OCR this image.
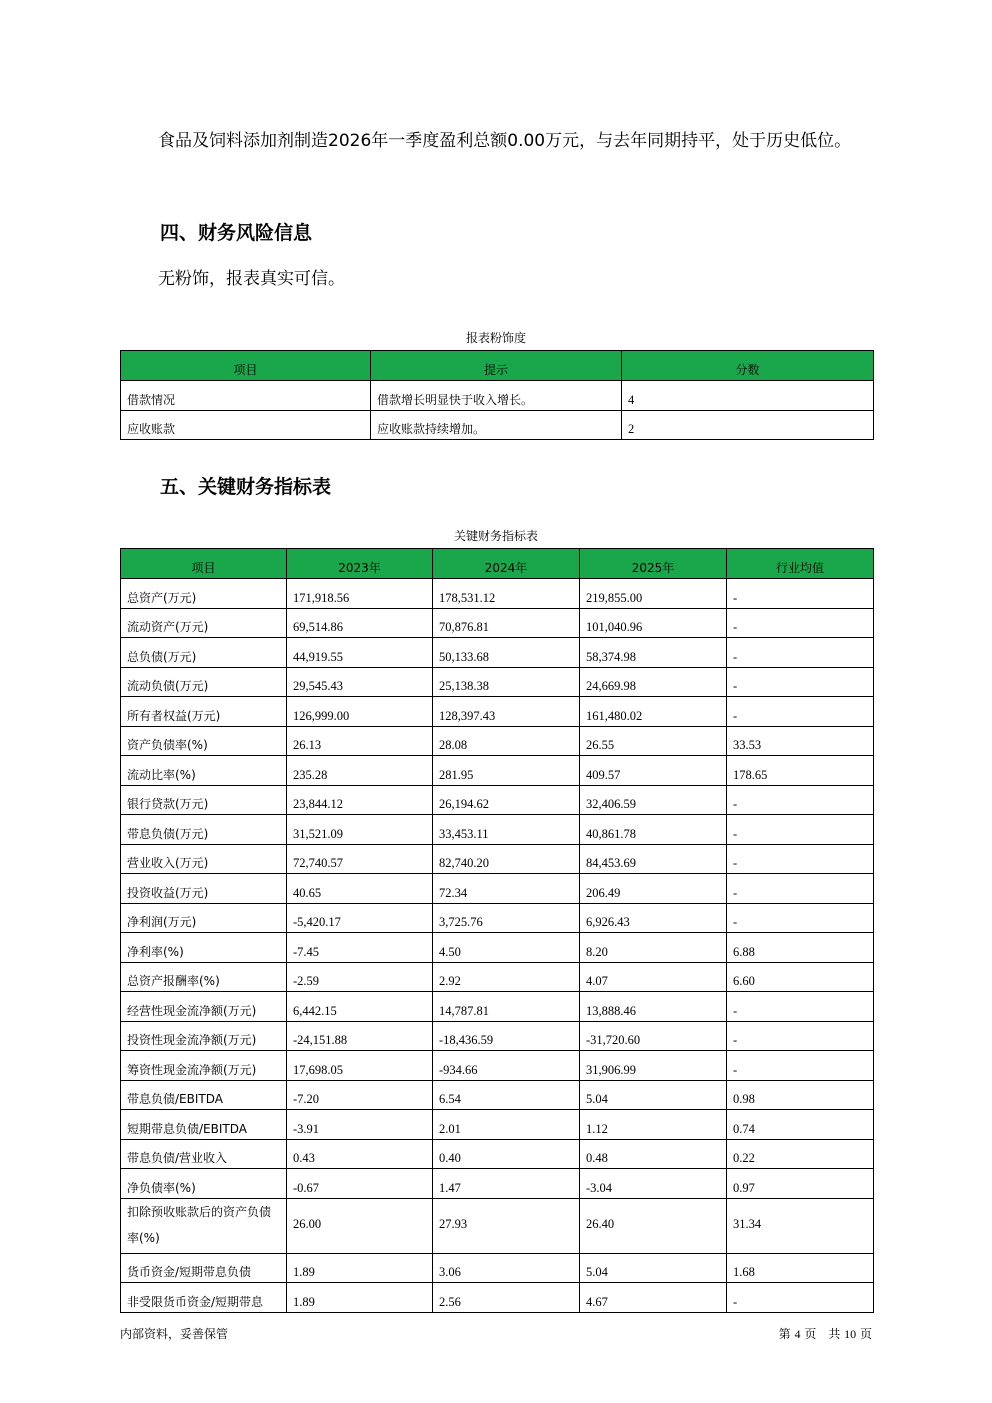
食品及饲料添加剂制造2026年一季度盈利总额0.00万元，与去年同期持平，处于历史低位。

四、财务风险信息

无粉饰，报表真实可信。

报表粉饰度
项目	提示	分数
借款情况	借款增长明显快于收入增长。	4
应收账款	应收账款持续增加。	2
五、关键财务指标表
关键财务指标表
项目	2023年	2024年	2025年	行业均值
总资产(万元)	171,918.56	178,531.12	219,855.00	-
流动资产(万元)	69,514.86	70,876.81	101,040.96	-
总负债(万元)	44,919.55	50,133.68	58,374.98	-
流动负债(万元)	29,545.43	25,138.38	24,669.98	-
所有者权益(万元)	126,999.00	128,397.43	161,480.02	-
资产负债率(%)	26.13	28.08	26.55	33.53
流动比率(%)	235.28	281.95	409.57	178.65
银行贷款(万元)	23,844.12	26,194.62	32,406.59	-
带息负债(万元)	31,521.09	33,453.11	40,861.78	-
营业收入(万元)	72,740.57	82,740.20	84,453.69	-
投资收益(万元)	40.65	72.34	206.49	-
净利润(万元)	-5,420.17	3,725.76	6,926.43	-
净利率(%)	-7.45	4.50	8.20	6.88
总资产报酬率(%)	-2.59	2.92	4.07	6.60
经营性现金流净额(万元)	6,442.15	14,787.81	13,888.46	-
投资性现金流净额(万元)	-24,151.88	-18,436.59	-31,720.60	-
筹资性现金流净额(万元)	17,698.05	-934.66	31,906.99	-
带息负债/EBITDA	-7.20	6.54	5.04	0.98
短期带息负债/EBITDA	-3.91	2.01	1.12	0.74
带息负债/营业收入	0.43	0.40	0.48	0.22
净负债率(%)	-0.67	1.47	-3.04	0.97
扣除预收账款后的资产负债率(%)	26.00	27.93	26.40	31.34
货币资金/短期带息负债	1.89	3.06	5.04	1.68
非受限货币资金/短期带息	1.89	2.56	4.67	-
内部资料，妥善保管	第 4 页　共 10 页
